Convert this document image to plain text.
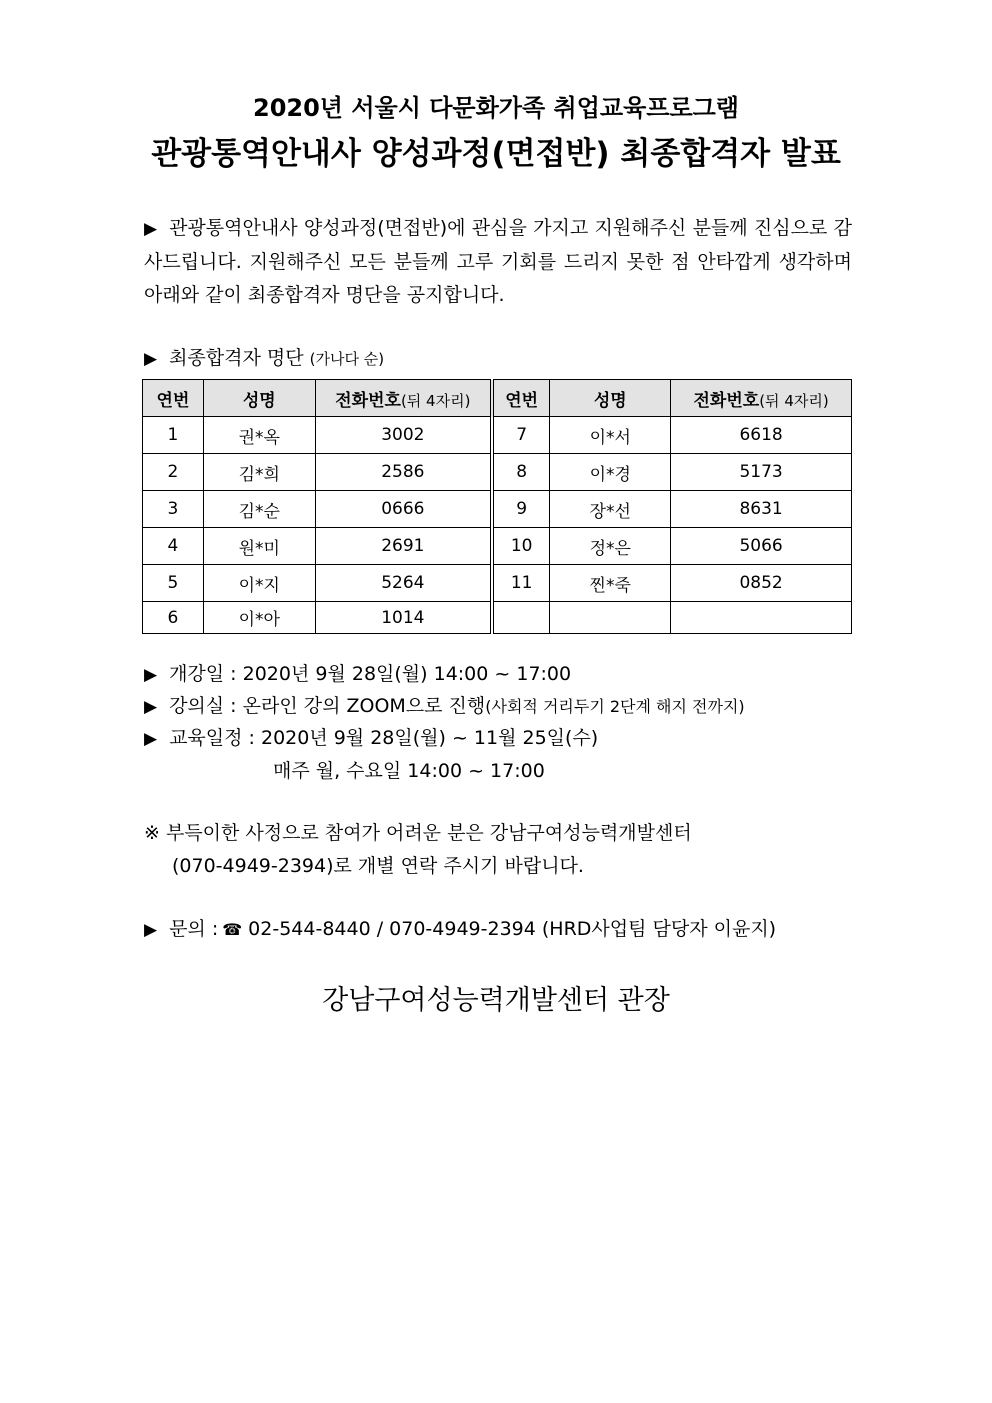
2020년 서울시 다문화가족 취업교육프로그램
관광통역안내사 양성과정(면접반) 최종합격자 발표
▶ 관광통역안내사 양성과정(면접반)에 관심을 가지고 지원해주신 분들께 진심으로 감사드립니다. 지원해주신 모든 분들께 고루 기회를 드리지 못한 점 안타깝게 생각하며 아래와 같이 최종합격자 명단을 공지합니다.
▶ 최종합격자 명단 (가나다 순)
연번	성명	전화번호(뒤 4자리)	연번	성명	전화번호(뒤 4자리)
1	권*옥	3002	7	이*서	6618
2	김*희	2586	8	이*경	5173
3	김*순	0666	9	장*선	8631
4	원*미	2691	10	정*은	5066
5	이*지	5264	11	찐*죽	0852
6	이*아	1014			
▶ 개강일 : 2020년 9월 28일(월) 14:00 ~ 17:00
▶ 강의실 : 온라인 강의 ZOOM으로 진행(사회적 거리두기 2단계 해지 전까지)
▶ 교육일정 : 2020년 9월 28일(월) ~ 11월 25일(수)
매주 월, 수요일 14:00 ~ 17:00
※ 부득이한 사정으로 참여가 어려운 분은 강남구여성능력개발센터
(070-4949-2394)로 개별 연락 주시기 바랍니다.
▶ 문의 : ☎ 02-544-8440 / 070-4949-2394 (HRD사업팀 담당자 이윤지)
강남구여성능력개발센터 관장
